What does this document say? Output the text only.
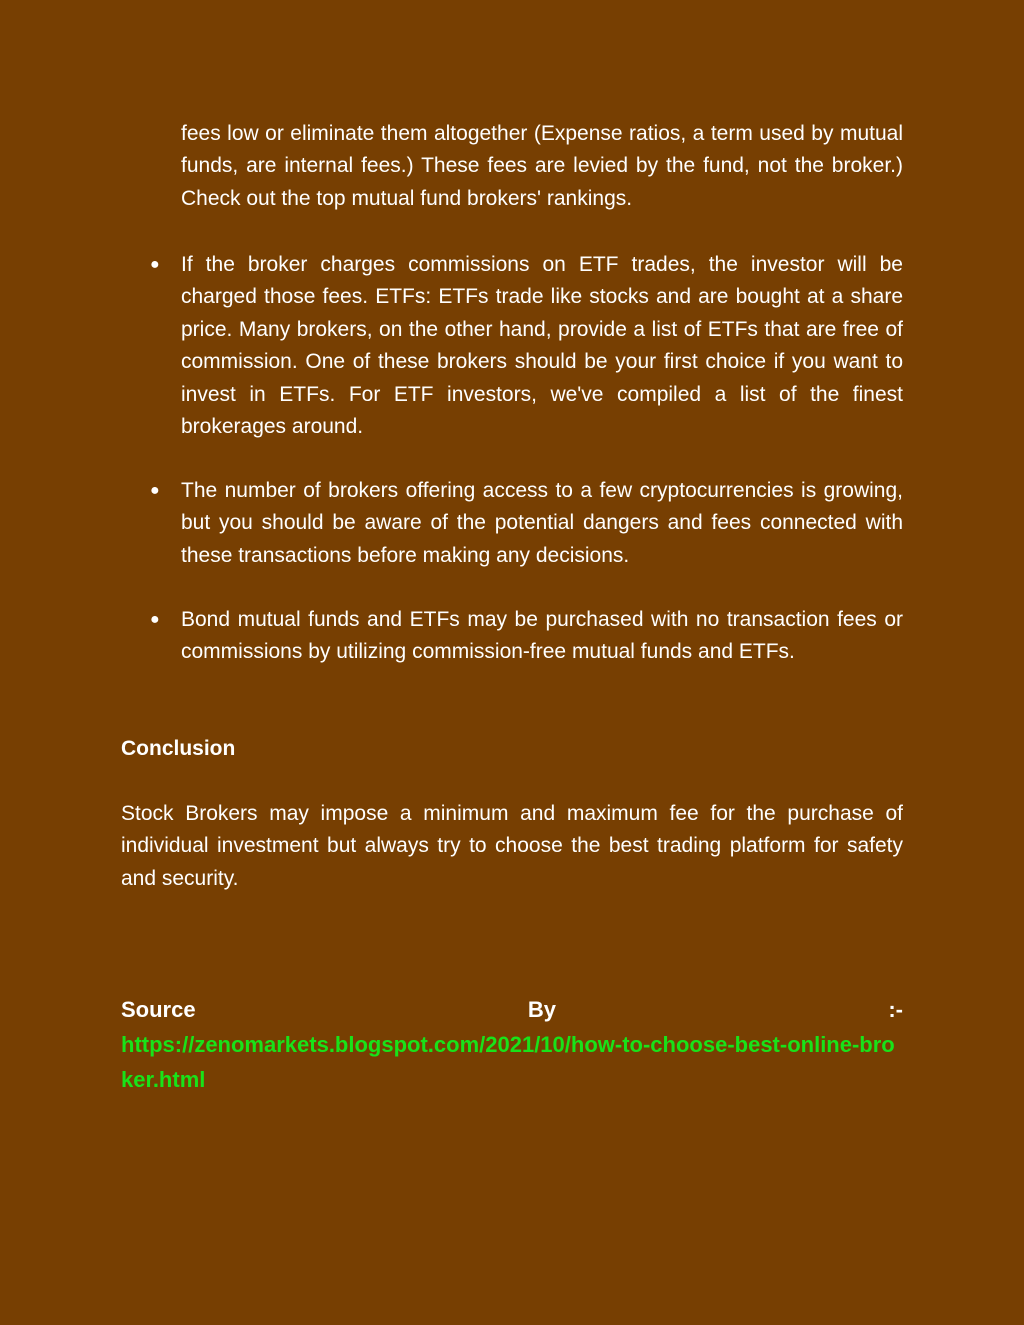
fees low or eliminate them altogether (Expense ratios, a term used by mutual funds, are internal fees.) These fees are levied by the fund, not the broker.) Check out the top mutual fund brokers' rankings.

● If the broker charges commissions on ETF trades, the investor will be charged those fees. ETFs: ETFs trade like stocks and are bought at a share price. Many brokers, on the other hand, provide a list of ETFs that are free of commission. One of these brokers should be your first choice if you want to invest in ETFs. For ETF investors, we've compiled a list of the finest brokerages around.

● The number of brokers offering access to a few cryptocurrencies is growing, but you should be aware of the potential dangers and fees connected with these transactions before making any decisions.

● Bond mutual funds and ETFs may be purchased with no transaction fees or commissions by utilizing commission-free mutual funds and ETFs.

Conclusion

Stock Brokers may impose a minimum and maximum fee for the purchase of individual investment but always try to choose the best trading platform for safety and security.

Source	By	:-

https://zenomarkets.blogspot.com/2021/10/how-to-choose-best-online-broker.html
